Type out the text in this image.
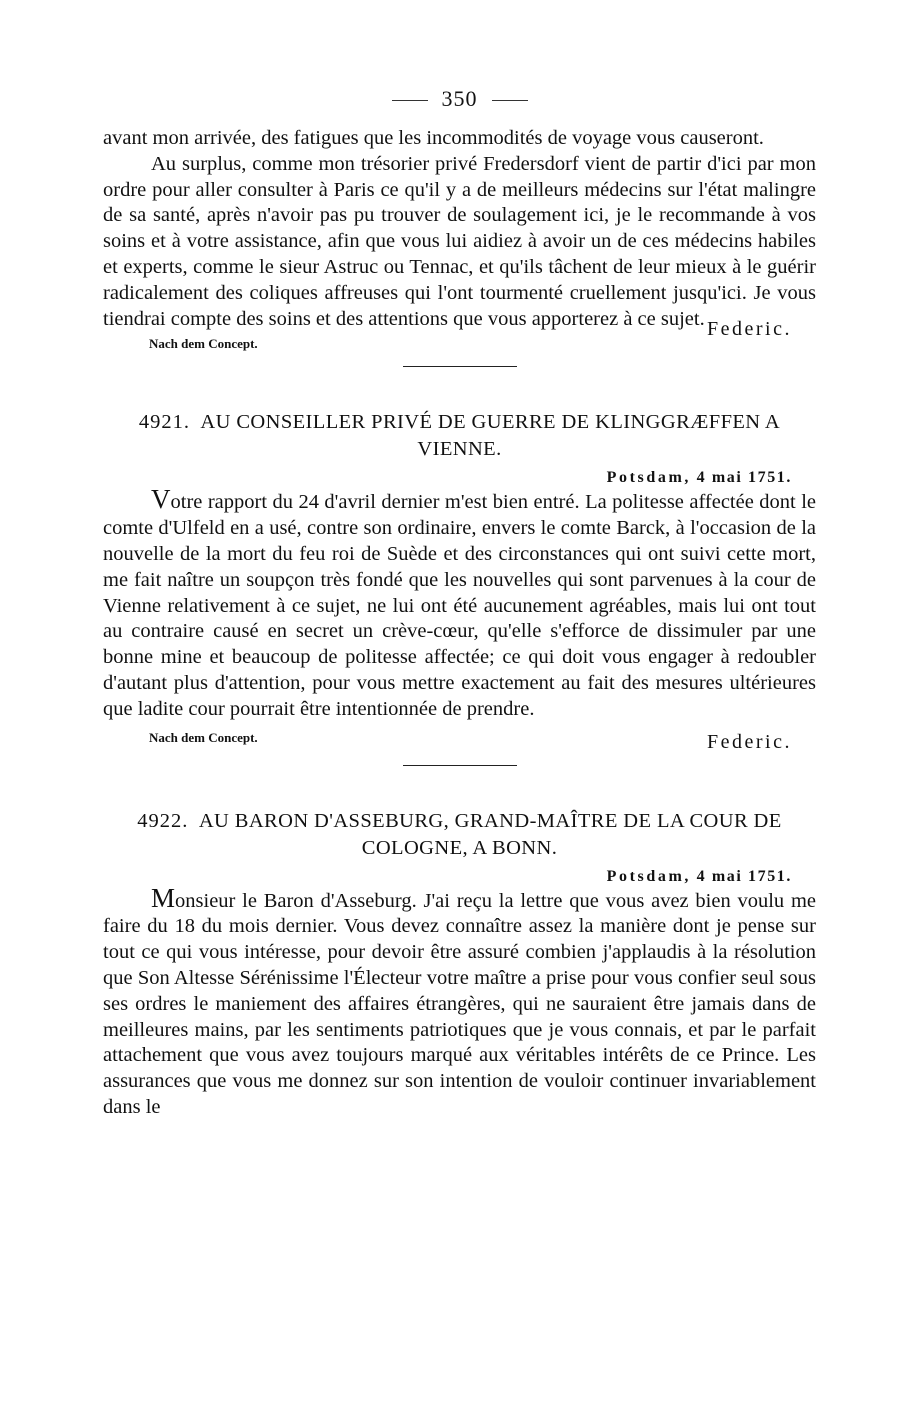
350

avant mon arrivée, des fatigues que les incommodités de voyage vous causeront.

Au surplus, comme mon trésorier privé Fredersdorf vient de partir d'ici par mon ordre pour aller consulter à Paris ce qu'il y a de meilleurs médecins sur l'état malingre de sa santé, après n'avoir pas pu trouver de soulagement ici, je le recommande à vos soins et à votre assistance, afin que vous lui aidiez à avoir un de ces médecins habiles et experts, comme le sieur Astruc ou Tennac, et qu'ils tâchent de leur mieux à le guérir radicalement des coliques affreuses qui l'ont tourmenté cruellement jusqu'ici. Je vous tiendrai compte des soins et des attentions que vous apporterez à ce sujet. Federic.
Nach dem Concept.
4921. AU CONSEILLER PRIVÉ DE GUERRE DE KLINGGRÆFFEN A VIENNE.
Potsdam, 4 mai 1751.

Votre rapport du 24 d'avril dernier m'est bien entré. La politesse affectée dont le comte d'Ulfeld en a usé, contre son ordinaire, envers le comte Barck, à l'occasion de la nouvelle de la mort du feu roi de Suède et des circonstances qui ont suivi cette mort, me fait naître un soupçon très fondé que les nouvelles qui sont parvenues à la cour de Vienne relativement à ce sujet, ne lui ont été aucunement agréables, mais lui ont tout au contraire causé en secret un crève-cœur, qu'elle s'efforce de dissimuler par une bonne mine et beaucoup de politesse affectée; ce qui doit vous engager à redoubler d'autant plus d'attention, pour vous mettre exactement au fait des mesures ultérieures que ladite cour pourrait être intentionnée de prendre.

Nach dem Concept.	Federic.
4922. AU BARON D'ASSEBURG, GRAND-MAÎTRE DE LA COUR DE COLOGNE, A BONN.
Potsdam, 4 mai 1751.

Monsieur le Baron d'Asseburg. J'ai reçu la lettre que vous avez bien voulu me faire du 18 du mois dernier. Vous devez connaître assez la manière dont je pense sur tout ce qui vous intéresse, pour devoir être assuré combien j'applaudis à la résolution que Son Altesse Sérénissime l'Électeur votre maître a prise pour vous confier seul sous ses ordres le maniement des affaires étrangères, qui ne sauraient être jamais dans de meilleures mains, par les sentiments patriotiques que je vous connais, et par le parfait attachement que vous avez toujours marqué aux véritables intérêts de ce Prince. Les assurances que vous me donnez sur son intention de vouloir continuer invariablement dans le
